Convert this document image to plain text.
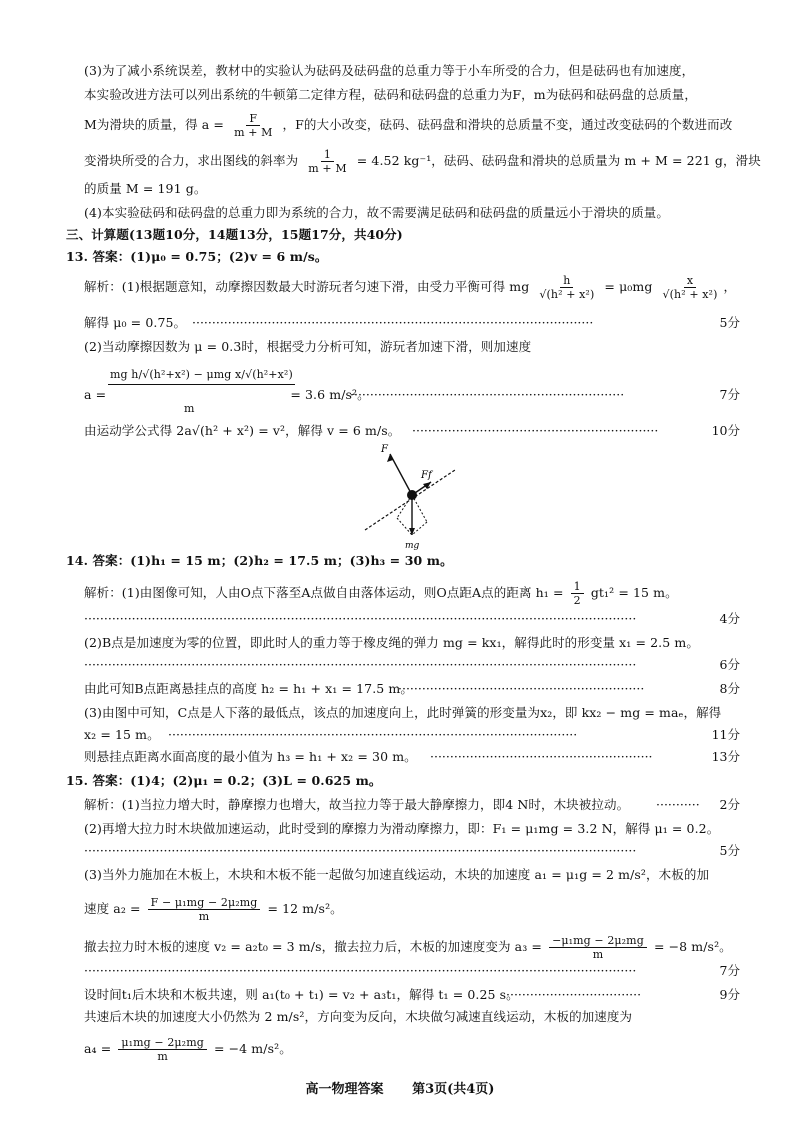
(3)为了减小系统误差，教材中的实验认为砝码及砝码盘的总重力等于小车所受的合力，但是砝码也有加速度，
本实验改进方法可以列出系统的牛顿第二定律方程，砝码和砝码盘的总重力为F，m为砝码和砝码盘的总质量，
M为滑块的质量，得 $a = \frac{F}{m + M}$ ，F的大小改变，砝码、砝码盘和滑块的总质量不变，通过改变砝码的个数进而改
变滑块所受的合力，求出图线的斜率为 $\frac{1}{m + M} = 4.52$ kg⁻¹，砝码、砝码盘和滑块的总质量为 m + M = 221 g，滑块
的质量 M = 191 g。
(4)本实验砝码和砝码盘的总重力即为系统的合力，故不需要满足砝码和砝码盘的质量远小于滑块的质量。
三、计算题(13题10分，14题13分，15题17分，共40分)
13. 答案：(1)μ₀ = 0.75；(2)v = 6 m/s。
解析：(1)根据题意知，动摩擦因数最大时游玩者匀速下滑，由受力平衡可得 mg $\frac{h}{\text{√(h² + x²)}} = \mu_0mg \frac{x}{\text{√(h² + x²)}}$ ，
解得 μ₀ = 0.75。 ·····································································································	5分
(2)当动摩擦因数为 μ = 0.3时，根据受力分析可知，游玩者加速下滑，则加速度
mg h/√(h²+x²) − μmg x/√(h²+x²)
a =	= 3.6 m/s²。
m
·····································································	7分
由运动学公式得 2a√(h² + x²) = v²，解得 v = 6 m/s。 ······························································	10分
F
Ff
mg
14. 答案：(1)h₁ = 15 m；(2)h₂ = 17.5 m；(3)h₃ = 30 m。
解析：(1)由图像可知，人由O点下落至A点做自由落体运动，则O点距A点的距离 $h_1 = \frac{1}{2} gt_1^2 = 15$ m。
···········································································································································	4分
(2)B点是加速度为零的位置，即此时人的重力等于橡皮绳的弹力 mg = kx₁，解得此时的形变量 x₁ = 2.5 m。
···········································································································································	6分
由此可知B点距离悬挂点的高度 h₂ = h₁ + x₁ = 17.5 m。
······························································	8分
(3)由图中可知，C点是人下落的最低点，该点的加速度向上，此时弹簧的形变量为x₂，即 kx₂ − mg = maₑ，解得
x₂ = 15 m。 ·······································································································	11分
则悬挂点距离水面高度的最小值为 h₃ = h₁ + x₂ = 30 m。	························································	13分
15. 答案：(1)4；(2)μ₁ = 0.2；(3)L = 0.625 m。
解析：(1)当拉力增大时，静摩擦力也增大，故当拉力等于最大静摩擦力，即4 N时，木块被拉动。	··········· 2分
(2)再增大拉力时木块做加速运动，此时受到的摩擦力为滑动摩擦力，即：F₁ = μ₁mg = 3.2 N，解得 μ₁ = 0.2。
···········································································································································	5分
(3)当外力施加在木板上，木块和木板不能一起做匀加速直线运动，木块的加速度 a₁ = μ₁g = 2 m/s²，木板的加
速度 $a_2 = \frac{\text{F − μ₁mg − 2μ₂mg}}{m} = 12$ m/s²。
撤去拉力时木板的速度 v₂ = a₂t₀ = 3 m/s，撤去拉力后，木板的加速度变为 $a_3 = \frac{\text{−μ₁mg − 2μ₂mg}}{m} = -8$ m/s²。
···········································································································································	7分
设时间t₁后木块和木板共速，则 a₁(t₀ + t₁) = v₂ + a₃t₁，解得 t₁ = 0.25 s。
··································	9分
共速后木块的加速度大小仍然为 2 m/s²，方向变为反向，木块做匀减速直线运动，木板的加速度为
$a_4 = \frac{\text{μ₁mg − 2μ₂mg}}{m} = -4$ m/s²。
高一物理答案 第3页(共4页)
